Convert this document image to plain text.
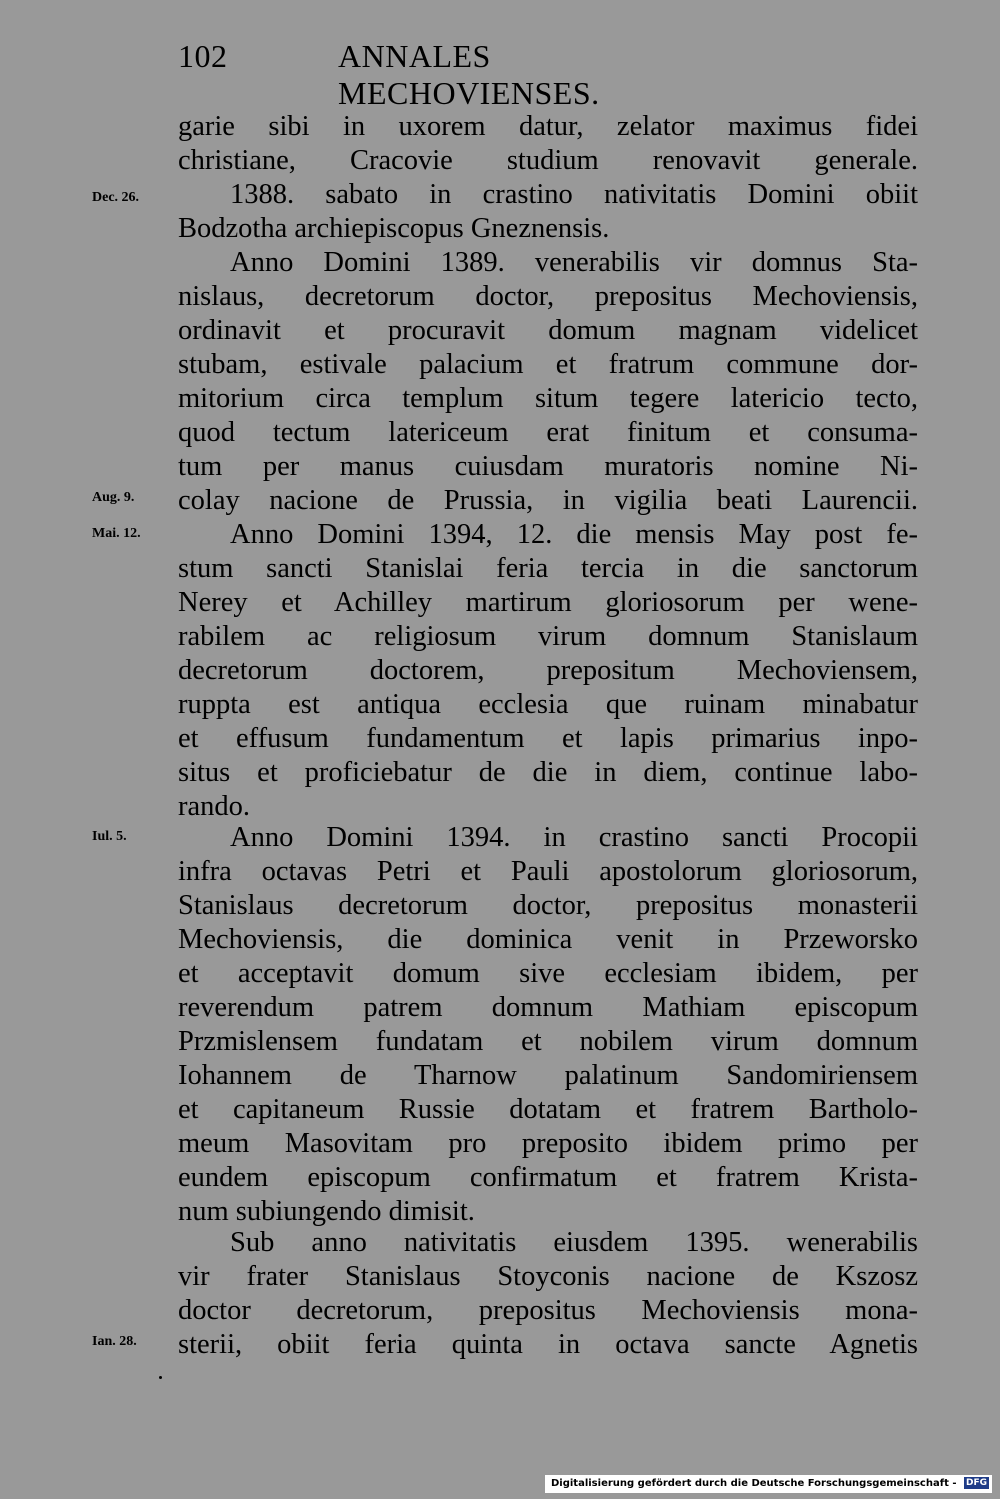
102	ANNALES MECHOVIENSES.
Dec. 26.
Aug. 9.
Mai. 12.
Iul. 5.
Ian. 28.
garie sibi in uxorem datur, zelator maximus fidei
christiane, Cracovie studium renovavit generale.
1388. sabato in crastino nativitatis Domini obiit
Bodzotha archiepiscopus Gneznensis.
Anno Domini 1389. venerabilis vir domnus Sta-
nislaus, decretorum doctor, prepositus Mechoviensis,
ordinavit et procuravit domum magnam videlicet
stubam, estivale palacium et fratrum commune dor-
mitorium circa templum situm tegere latericio tecto,
quod tectum latericeum erat finitum et consuma-
tum per manus cuiusdam muratoris nomine Ni-
colay nacione de Prussia, in vigilia beati Laurencii.
Anno Domini 1394, 12. die mensis May post fe-
stum sancti Stanislai feria tercia in die sanctorum
Nerey et Achilley martirum gloriosorum per wene-
rabilem ac religiosum virum domnum Stanislaum
decretorum doctorem, prepositum Mechoviensem,
ruppta est antiqua ecclesia que ruinam minabatur
et effusum fundamentum et lapis primarius inpo-
situs et proficiebatur de die in diem, continue labo-
rando.
Anno Domini 1394. in crastino sancti Procopii
infra octavas Petri et Pauli apostolorum gloriosorum,
Stanislaus decretorum doctor, prepositus monasterii
Mechoviensis, die dominica venit in Przeworsko
et acceptavit domum sive ecclesiam ibidem, per
reverendum patrem domnum Mathiam episcopum
Przmislensem fundatam et nobilem virum domnum
Iohannem de Tharnow palatinum Sandomiriensem
et capitaneum Russie dotatam et fratrem Bartholo-
meum Masovitam pro preposito ibidem primo per
eundem episcopum confirmatum et fratrem Krista-
num subiungendo dimisit.
Sub anno nativitatis eiusdem 1395. wenerabilis
vir frater Stanislaus Stoyconis nacione de Kszosz
doctor decretorum, prepositus Mechoviensis mona-
sterii, obiit feria quinta in octava sancte Agnetis
Digitalisierung gefördert durch die Deutsche Forschungsgemeinschaft - DFG
